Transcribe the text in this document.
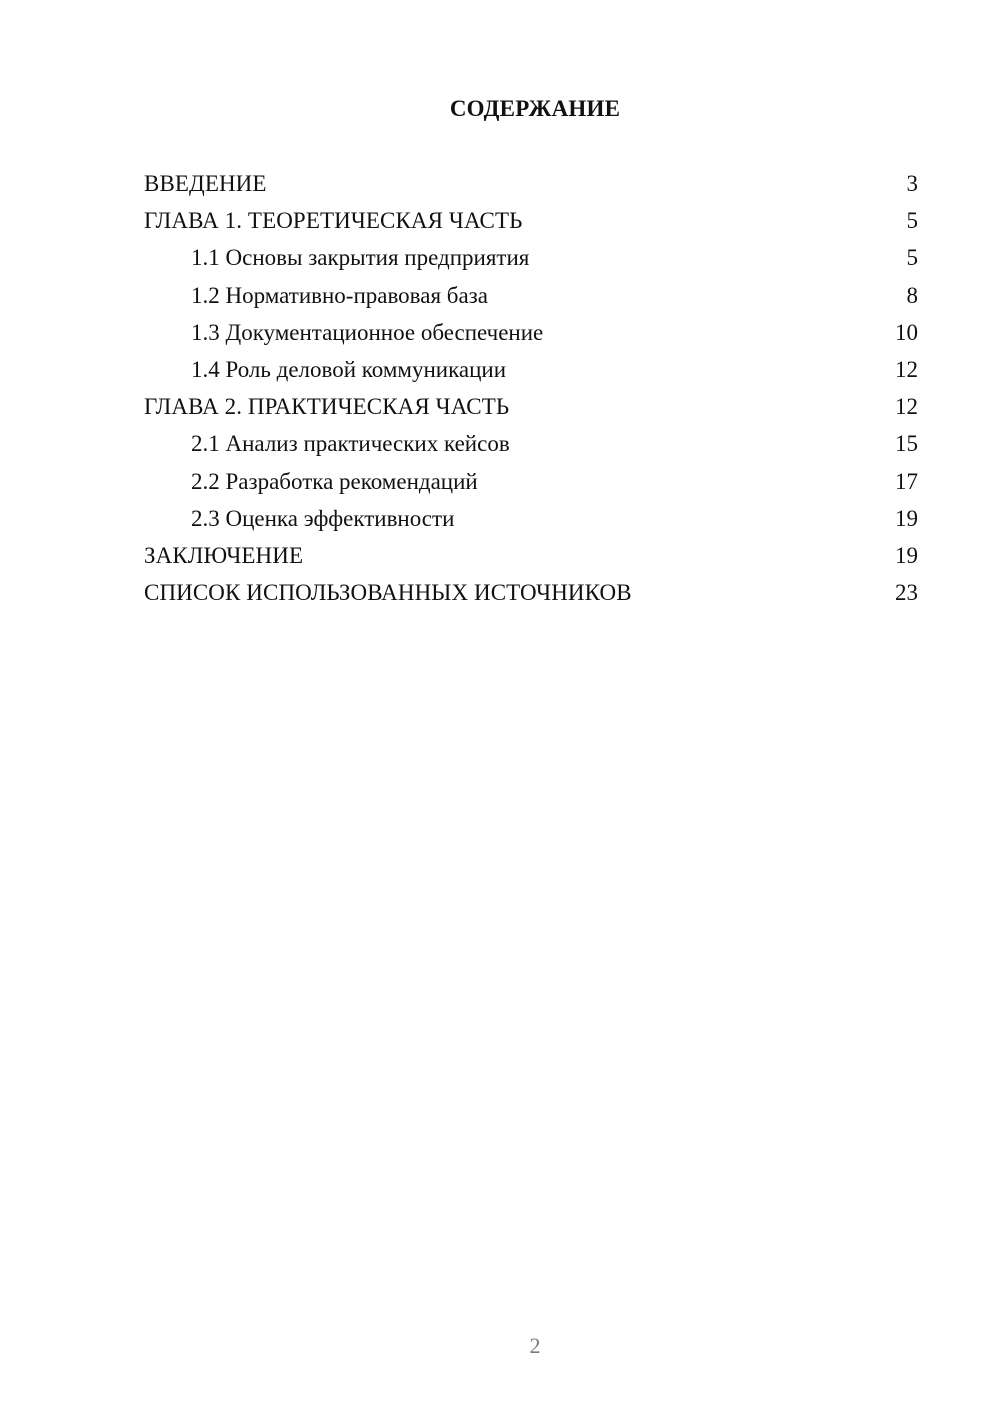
СОДЕРЖАНИЕ
ВВЕДЕНИЕ	3
ГЛАВА 1. ТЕОРЕТИЧЕСКАЯ ЧАСТЬ	5
1.1 Основы закрытия предприятия	5
1.2 Нормативно-правовая база	8
1.3 Документационное обеспечение	10
1.4 Роль деловой коммуникации	12
ГЛАВА 2. ПРАКТИЧЕСКАЯ ЧАСТЬ	12
2.1 Анализ практических кейсов	15
2.2 Разработка рекомендаций	17
2.3 Оценка эффективности	19
ЗАКЛЮЧЕНИЕ	19
СПИСОК ИСПОЛЬЗОВАННЫХ ИСТОЧНИКОВ	23
2
